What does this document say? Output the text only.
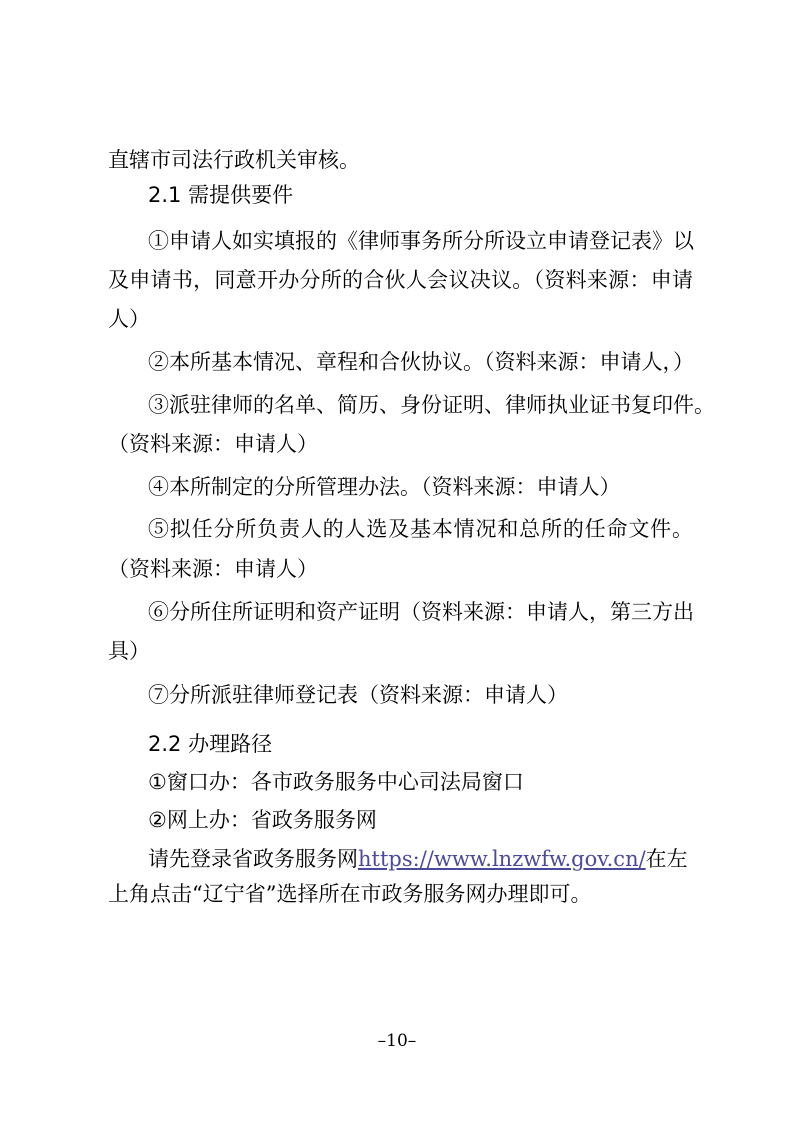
直辖市司法行政机关审核。
2.1 需提供要件
①申请人如实填报的《律师事务所分所设立申请登记表》以
及申请书，同意开办分所的合伙人会议决议。（资料来源：申请
人）
②本所基本情况、章程和合伙协议。（资料来源：申请人，）
③派驻律师的名单、简历、身份证明、律师执业证书复印件。
（资料来源：申请人）
④本所制定的分所管理办法。（资料来源：申请人）
⑤拟任分所负责人的人选及基本情况和总所的任命文件。
（资料来源：申请人）
⑥分所住所证明和资产证明（资料来源：申请人，第三方出
具）
⑦分所派驻律师登记表（资料来源：申请人）
2.2 办理路径
①窗口办：各市政务服务中心司法局窗口
②网上办：省政务服务网
请先登录省政务服务网https://www.lnzwfw.gov.cn/在左
上角点击“辽宁省”选择所在市政务服务网办理即可。
–10–
